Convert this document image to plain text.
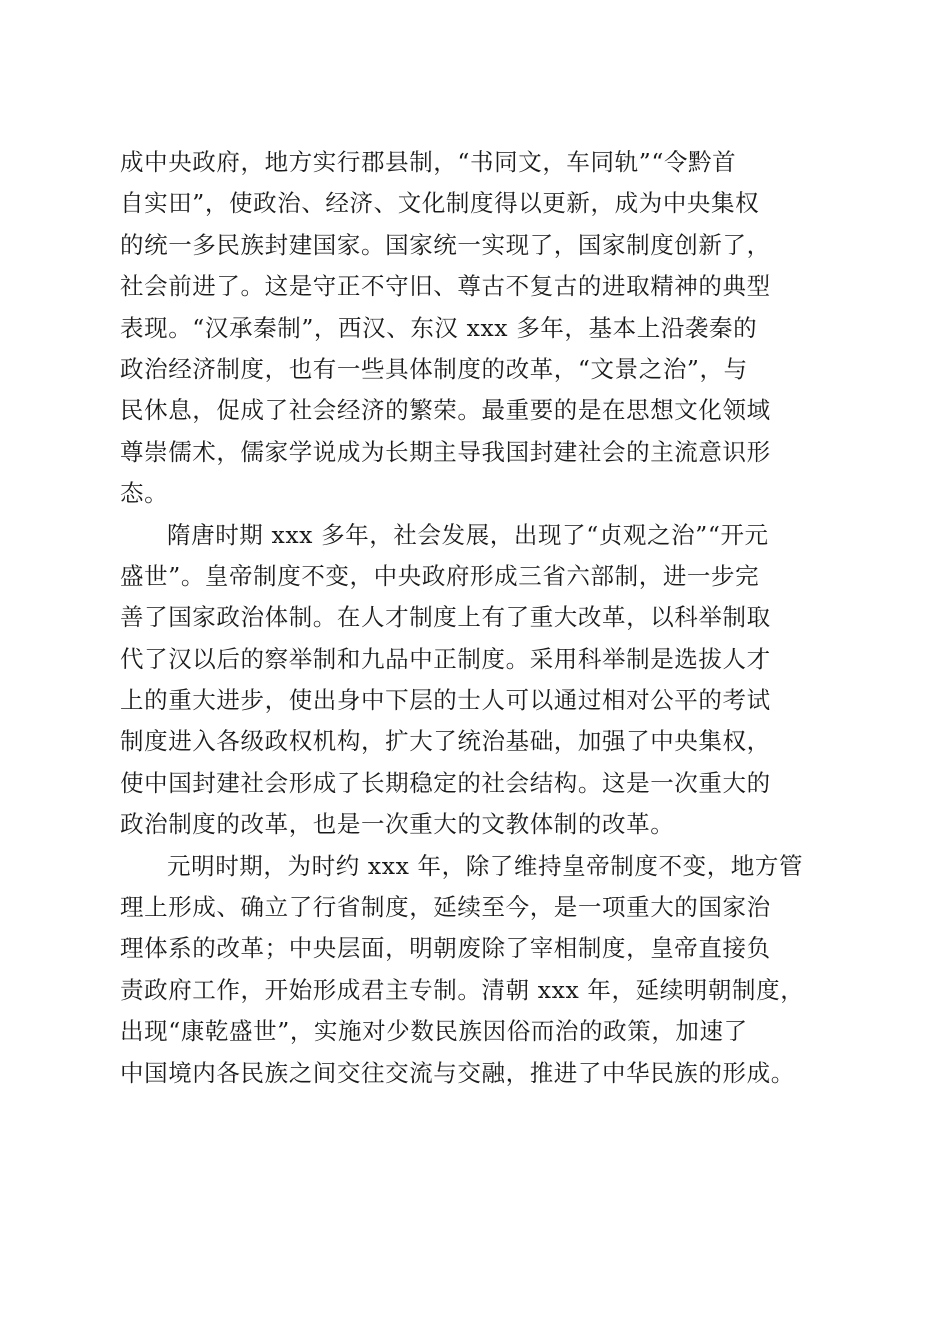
成中央政府，地方实行郡县制，“书同文，车同轨”“令黔首
自实田”，使政治、经济、文化制度得以更新，成为中央集权
的统一多民族封建国家。国家统一实现了，国家制度创新了，
社会前进了。这是守正不守旧、尊古不复古的进取精神的典型
表现。“汉承秦制”，西汉、东汉 xxx 多年，基本上沿袭秦的
政治经济制度，也有一些具体制度的改革，“文景之治”，与
民休息，促成了社会经济的繁荣。最重要的是在思想文化领域
尊崇儒术，儒家学说成为长期主导我国封建社会的主流意识形
态。
隋唐时期 xxx 多年，社会发展，出现了“贞观之治”“开元
盛世”。皇帝制度不变，中央政府形成三省六部制，进一步完
善了国家政治体制。在人才制度上有了重大改革，以科举制取
代了汉以后的察举制和九品中正制度。采用科举制是选拔人才
上的重大进步，使出身中下层的士人可以通过相对公平的考试
制度进入各级政权机构，扩大了统治基础，加强了中央集权，
使中国封建社会形成了长期稳定的社会结构。这是一次重大的
政治制度的改革，也是一次重大的文教体制的改革。
元明时期，为时约 xxx 年，除了维持皇帝制度不变，地方管
理上形成、确立了行省制度，延续至今，是一项重大的国家治
理体系的改革；中央层面，明朝废除了宰相制度，皇帝直接负
责政府工作，开始形成君主专制。清朝 xxx 年，延续明朝制度，
出现“康乾盛世”，实施对少数民族因俗而治的政策，加速了
中国境内各民族之间交往交流与交融，推进了中华民族的形成。
